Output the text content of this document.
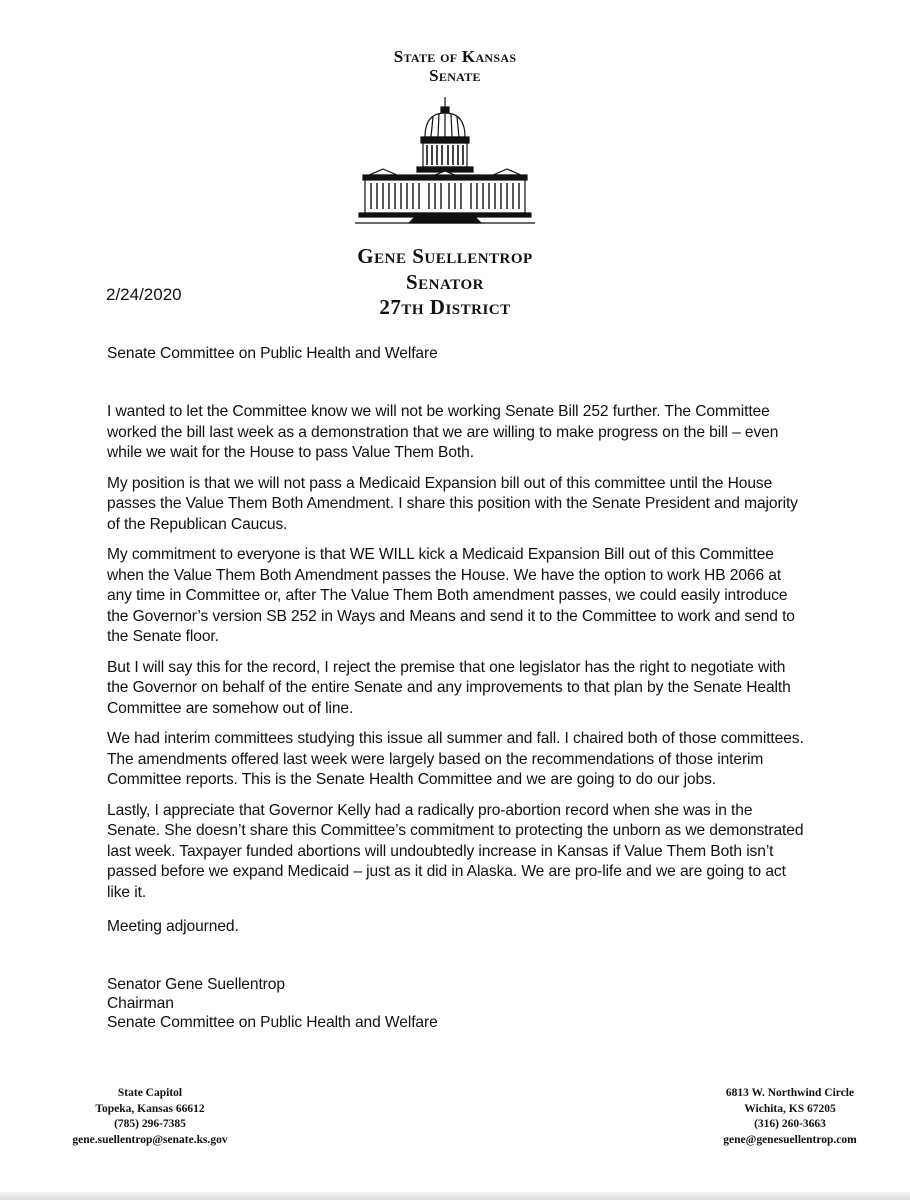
State of Kansas
Senate
Gene Suellentrop
Senator
27th District
2/24/2020
Senate Committee on Public Health and Welfare

I wanted to let the Committee know we will not be working Senate Bill 252 further. The Committee worked the bill last week as a demonstration that we are willing to make progress on the bill – even while we wait for the House to pass Value Them Both.

My position is that we will not pass a Medicaid Expansion bill out of this committee until the House passes the Value Them Both Amendment. I share this position with the Senate President and majority of the Republican Caucus.

My commitment to everyone is that WE WILL kick a Medicaid Expansion Bill out of this Committee when the Value Them Both Amendment passes the House. We have the option to work HB 2066 at any time in Committee or, after The Value Them Both amendment passes, we could easily introduce the Governor’s version SB 252 in Ways and Means and send it to the Committee to work and send to the Senate floor.

But I will say this for the record, I reject the premise that one legislator has the right to negotiate with the Governor on behalf of the entire Senate and any improvements to that plan by the Senate Health Committee are somehow out of line.

We had interim committees studying this issue all summer and fall. I chaired both of those committees. The amendments offered last week were largely based on the recommendations of those interim Committee reports. This is the Senate Health Committee and we are going to do our jobs.

Lastly, I appreciate that Governor Kelly had a radically pro-abortion record when she was in the Senate. She doesn’t share this Committee’s commitment to protecting the unborn as we demonstrated last week. Taxpayer funded abortions will undoubtedly increase in Kansas if Value Them Both isn’t passed before we expand Medicaid – just as it did in Alaska. We are pro-life and we are going to act like it.

Meeting adjourned.
Senator Gene Suellentrop
Chairman
Senate Committee on Public Health and Welfare
State Capitol
Topeka, Kansas 66612
(785) 296-7385
gene.suellentrop@senate.ks.gov
6813 W. Northwind Circle
Wichita, KS 67205
(316) 260-3663
gene@genesuellentrop.com
